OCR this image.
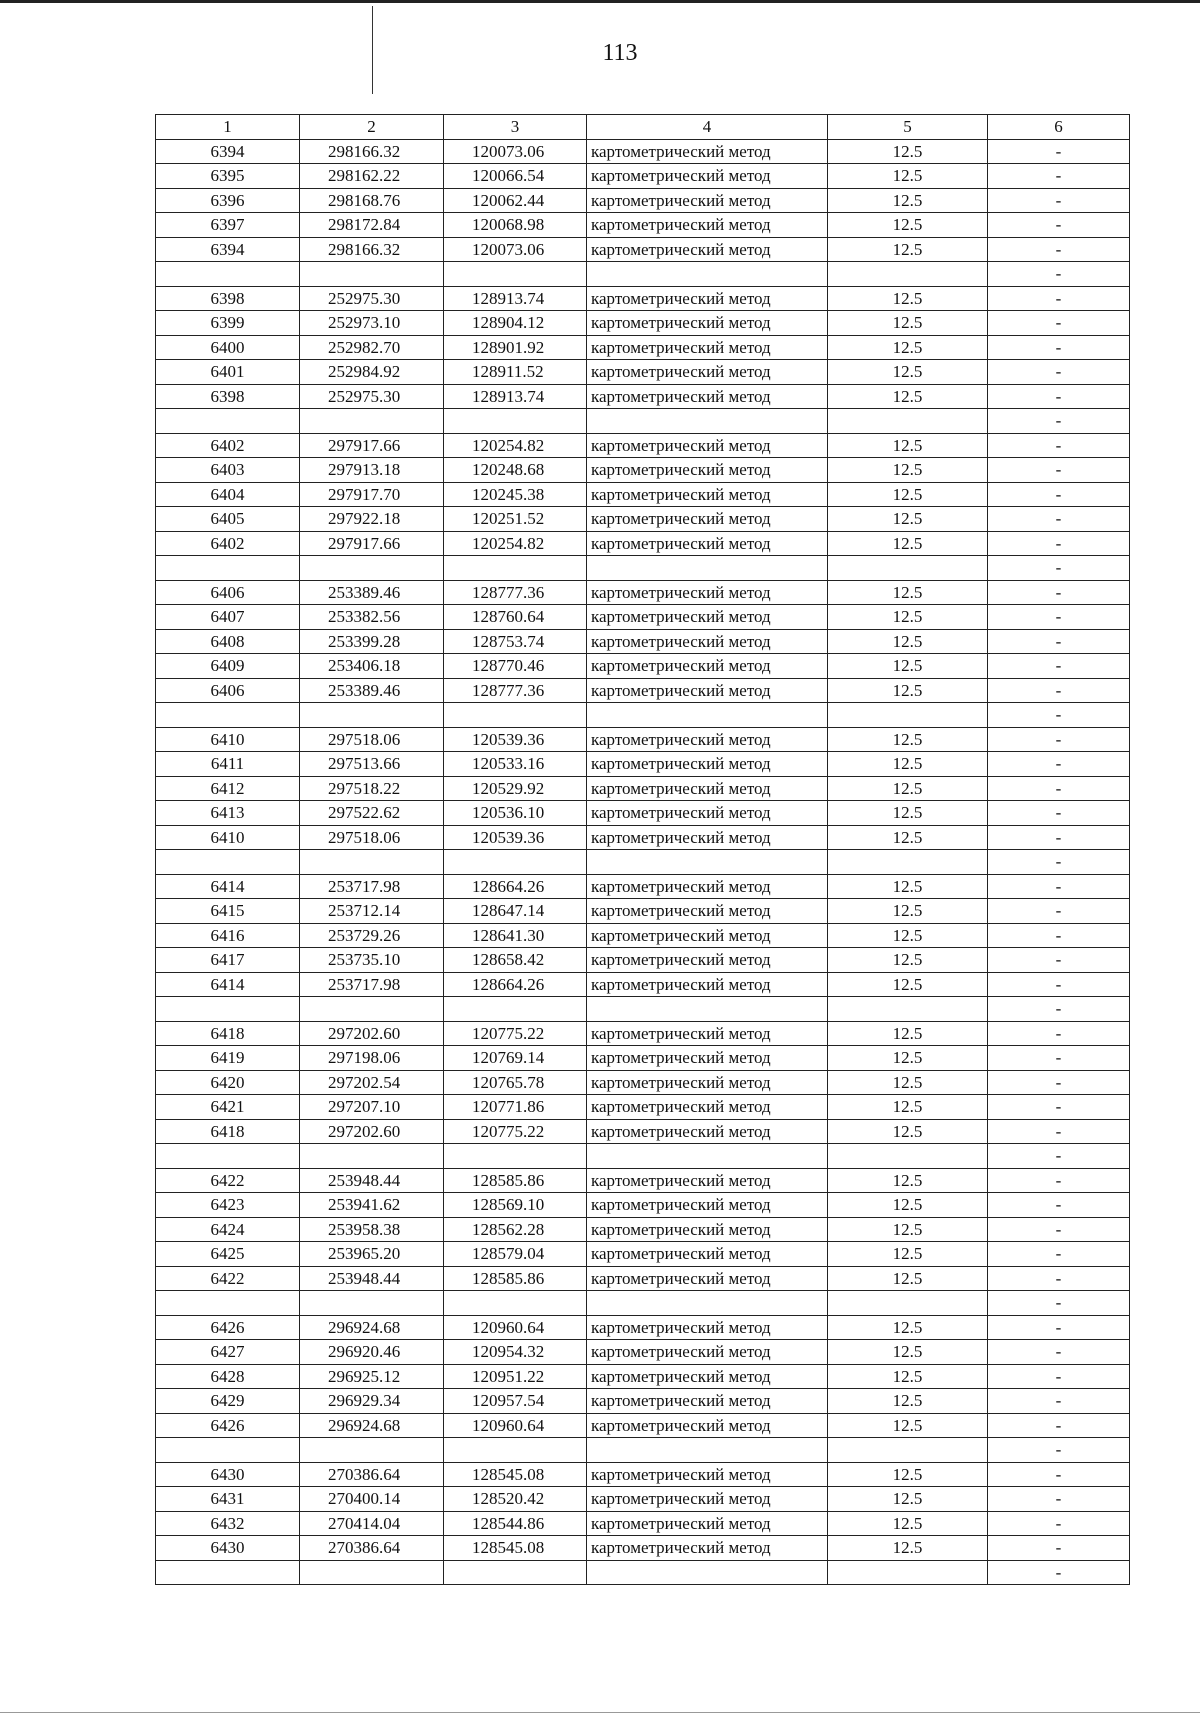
113
1	2	3	4	5	6
6394	298166.32	120073.06	картометрический метод	12.5	-
6395	298162.22	120066.54	картометрический метод	12.5	-
6396	298168.76	120062.44	картометрический метод	12.5	-
6397	298172.84	120068.98	картометрический метод	12.5	-
6394	298166.32	120073.06	картометрический метод	12.5	-
					-
6398	252975.30	128913.74	картометрический метод	12.5	-
6399	252973.10	128904.12	картометрический метод	12.5	-
6400	252982.70	128901.92	картометрический метод	12.5	-
6401	252984.92	128911.52	картометрический метод	12.5	-
6398	252975.30	128913.74	картометрический метод	12.5	-
					-
6402	297917.66	120254.82	картометрический метод	12.5	-
6403	297913.18	120248.68	картометрический метод	12.5	-
6404	297917.70	120245.38	картометрический метод	12.5	-
6405	297922.18	120251.52	картометрический метод	12.5	-
6402	297917.66	120254.82	картометрический метод	12.5	-
					-
6406	253389.46	128777.36	картометрический метод	12.5	-
6407	253382.56	128760.64	картометрический метод	12.5	-
6408	253399.28	128753.74	картометрический метод	12.5	-
6409	253406.18	128770.46	картометрический метод	12.5	-
6406	253389.46	128777.36	картометрический метод	12.5	-
					-
6410	297518.06	120539.36	картометрический метод	12.5	-
6411	297513.66	120533.16	картометрический метод	12.5	-
6412	297518.22	120529.92	картометрический метод	12.5	-
6413	297522.62	120536.10	картометрический метод	12.5	-
6410	297518.06	120539.36	картометрический метод	12.5	-
					-
6414	253717.98	128664.26	картометрический метод	12.5	-
6415	253712.14	128647.14	картометрический метод	12.5	-
6416	253729.26	128641.30	картометрический метод	12.5	-
6417	253735.10	128658.42	картометрический метод	12.5	-
6414	253717.98	128664.26	картометрический метод	12.5	-
					-
6418	297202.60	120775.22	картометрический метод	12.5	-
6419	297198.06	120769.14	картометрический метод	12.5	-
6420	297202.54	120765.78	картометрический метод	12.5	-
6421	297207.10	120771.86	картометрический метод	12.5	-
6418	297202.60	120775.22	картометрический метод	12.5	-
					-
6422	253948.44	128585.86	картометрический метод	12.5	-
6423	253941.62	128569.10	картометрический метод	12.5	-
6424	253958.38	128562.28	картометрический метод	12.5	-
6425	253965.20	128579.04	картометрический метод	12.5	-
6422	253948.44	128585.86	картометрический метод	12.5	-
					-
6426	296924.68	120960.64	картометрический метод	12.5	-
6427	296920.46	120954.32	картометрический метод	12.5	-
6428	296925.12	120951.22	картометрический метод	12.5	-
6429	296929.34	120957.54	картометрический метод	12.5	-
6426	296924.68	120960.64	картометрический метод	12.5	-
					-
6430	270386.64	128545.08	картометрический метод	12.5	-
6431	270400.14	128520.42	картометрический метод	12.5	-
6432	270414.04	128544.86	картометрический метод	12.5	-
6430	270386.64	128545.08	картометрический метод	12.5	-
					-
